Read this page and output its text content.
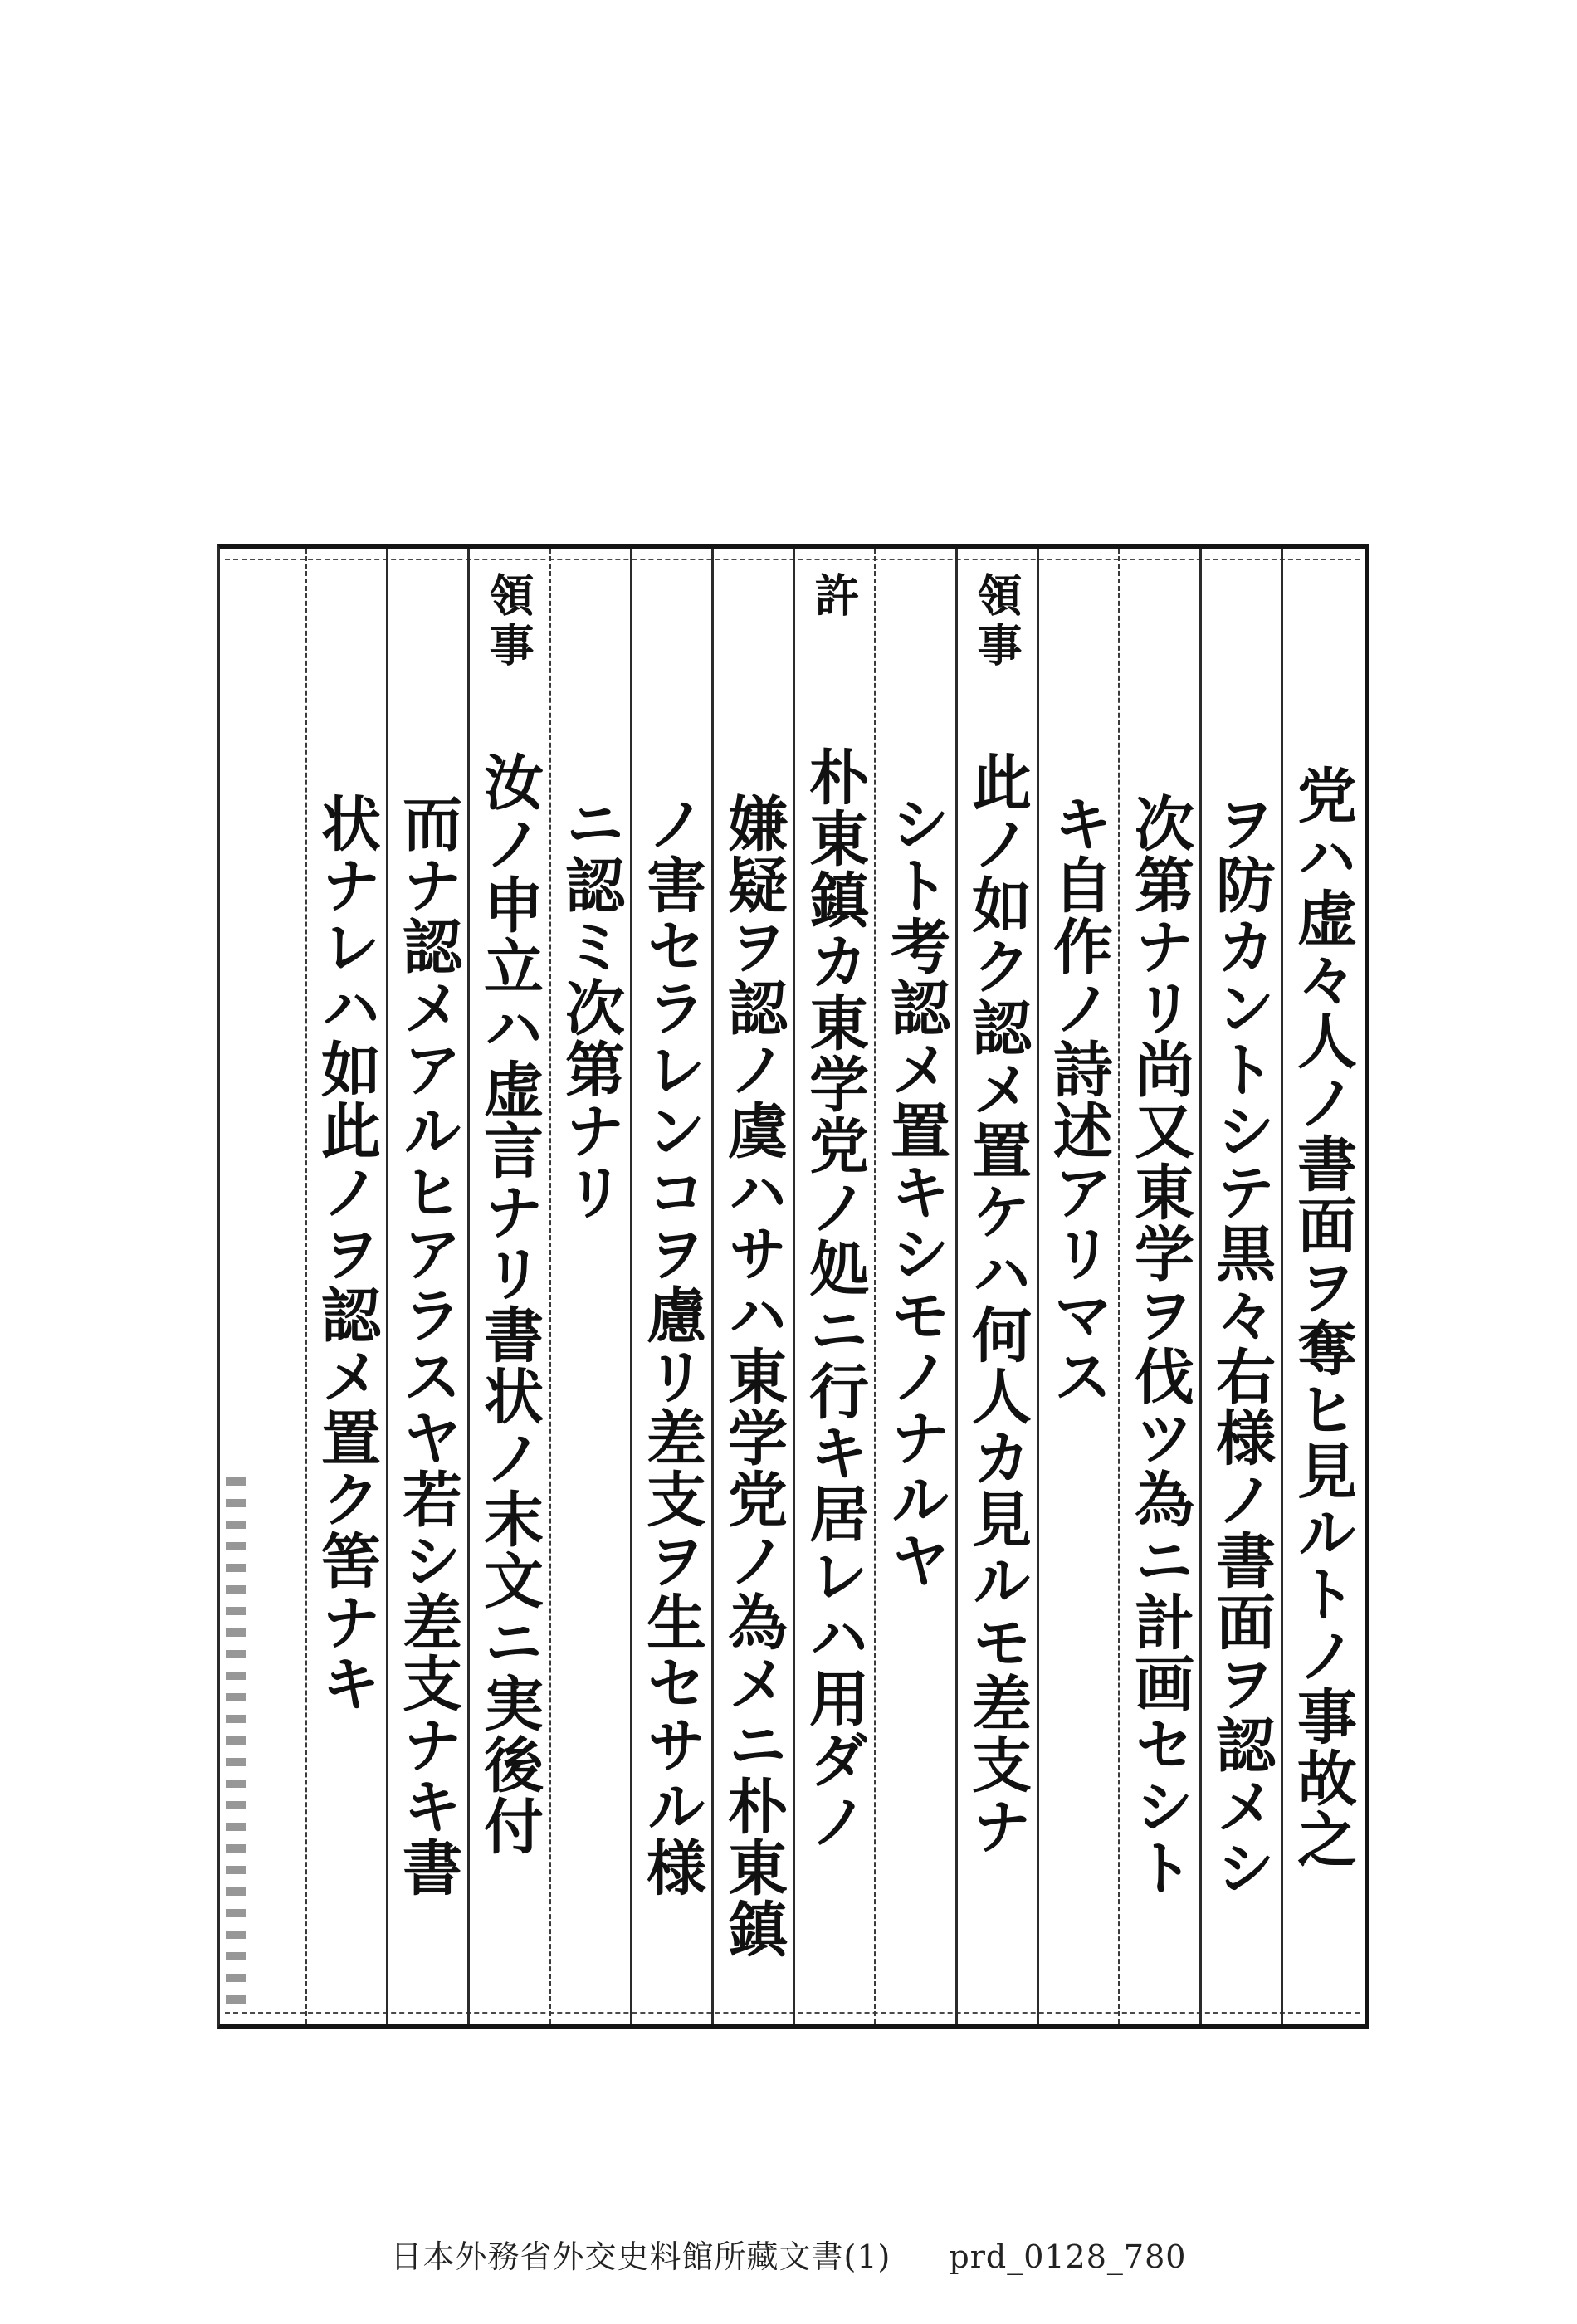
党ハ虚々人ノ書面ヲ奪ヒ見ルトノ事故之
ヲ防カントシテ黒々右様ノ書面ヲ認メシ
次第ナリ尚又東学ヲ伐ツ為ニ計画セシト
キ自作ノ詩述アリマス
領事
此ノ如ク認メ置ケハ何人カ見ルモ差支ナ
シト考認メ置キシモノナルヤ
許
朴東鎮カ東学党ノ処ニ行キ居レハ用ダノ
嫌疑ヲ認ノ虞ハサハ東学党ノ為メニ朴東鎮
ノ害セラレンコヲ慮リ差支ヲ生セサル様
ニ認ミ次第ナリ
領事
汝ノ申立ハ虚言ナリ書状ノ末文ニ実後付
而ナ認メアルヒアラスヤ若シ差支ナキ書
状ナレハ如此ノヲ認メ置ク筈ナキ
日本外務省外交史料館所藏文書(1) prd_0128_780
